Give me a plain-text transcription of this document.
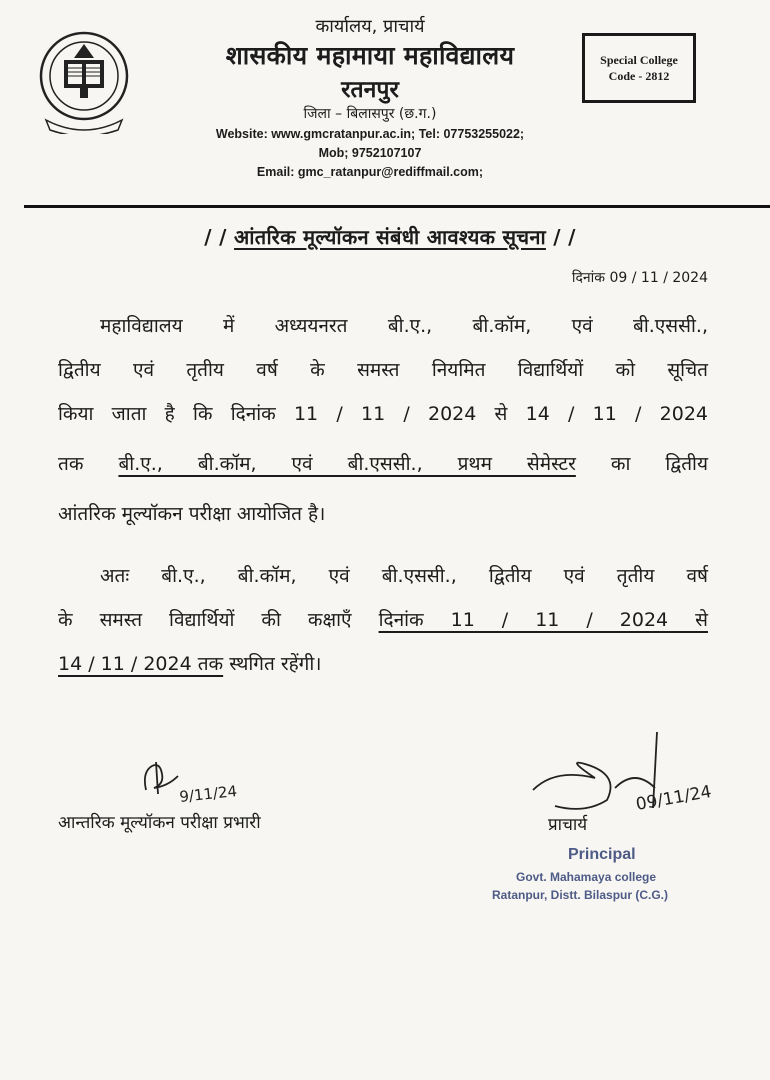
कार्यालय, प्राचार्य
शासकीय महामाया महाविद्यालय
रतनपुर
जिला – बिलासपुर (छ.ग.)
Website: www.gmcratanpur.ac.in; Tel: 07753255022;
Mob; 9752107107
Email: gmc_ratanpur@rediffmail.com;
Special College
Code - 2812
/ / आंतरिक मूल्यॉकन संबंधी आवश्यक सूचना / /
दिनांक 09 / 11 / 2024
महाविद्यालय में अध्ययनरत बी.ए., बी.कॉम, एवं बी.एससी.,
द्वितीय एवं तृतीय वर्ष के समस्त नियमित विद्यार्थियों को सूचित
किया जाता है कि दिनांक 11 / 11 / 2024 से 14 / 11 / 2024
तक बी.ए., बी.कॉम, एवं बी.एससी., प्रथम सेमेस्टर का द्वितीय
आंतरिक मूल्यॉकन परीक्षा आयोजित है।
अतः बी.ए., बी.कॉम, एवं बी.एससी., द्वितीय एवं तृतीय वर्ष
के समस्त विद्यार्थियों की कक्षाएँ दिनांक 11 / 11 / 2024 से
14 / 11 / 2024 तक स्थगित रहेंगी।
9/11/24
आन्तरिक मूल्यॉकन परीक्षा प्रभारी
09/11/24
प्राचार्य
Principal
Govt. Mahamaya college
Ratanpur, Distt. Bilaspur (C.G.)
